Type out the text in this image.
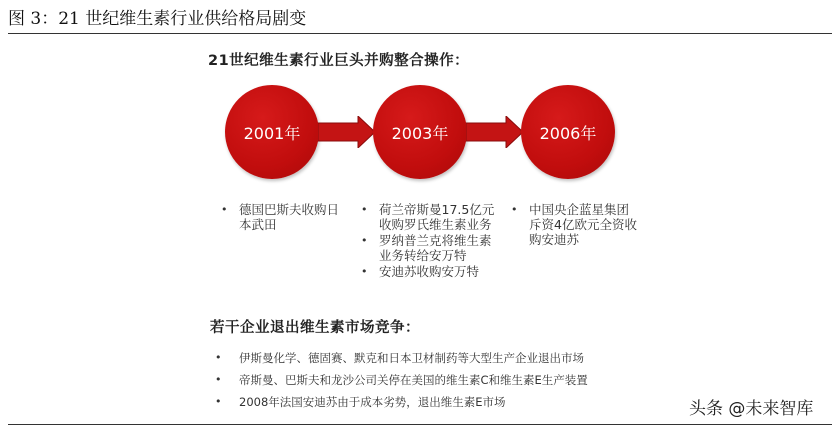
图 3：21 世纪维生素行业供给格局剧变
21世纪维生素行业巨头并购整合操作：
2001年	2003年	2006年
• 德国巴斯夫收购日本武田
• 荷兰帝斯曼17.5亿元收购罗氏维生素业务
• 罗纳普兰克将维生素业务转给安万特
• 安迪苏收购安万特
• 中国央企蓝星集团斥资4亿欧元全资收购安迪苏
若干企业退出维生素市场竞争：
• 伊斯曼化学、德固赛、默克和日本卫材制药等大型生产企业退出市场
• 帝斯曼、巴斯夫和龙沙公司关停在美国的维生素C和维生素E生产装置
• 2008年法国安迪苏由于成本劣势，退出维生素E市场	头条 @未来智库
